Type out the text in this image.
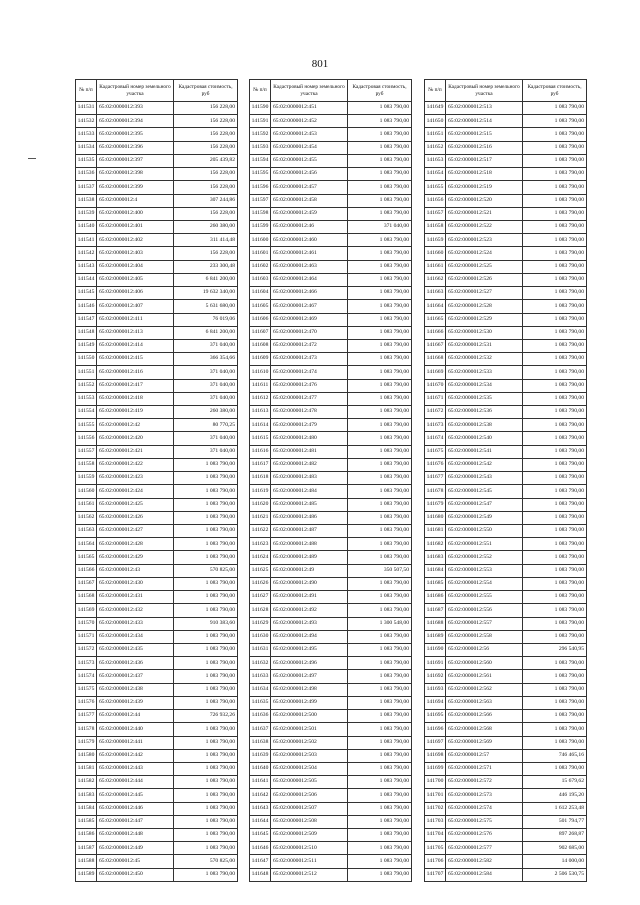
801
№ п/п	Кадастровый номер земельного участка	Кадастровая стоимость, руб
141531	65:02:0000012:393	156 228,00
141532	65:02:0000012:394	156 228,00
141533	65:02:0000012:395	156 228,00
141534	65:02:0000012:396	156 228,00
141535	65:02:0000012:397	205 439,82
141536	65:02:0000012:398	156 228,00
141537	65:02:0000012:399	156 228,00
141538	65:02:0000012:4	307 244,86
141539	65:02:0000012:400	156 228,00
141540	65:02:0000012:401	260 380,00
141541	65:02:0000012:402	311 414,48
141542	65:02:0000012:403	156 228,00
141543	65:02:0000012:404	233 300,48
141544	65:02:0000012:405	6 841 200,00
141545	65:02:0000012:406	19 632 340,00
141546	65:02:0000012:407	5 631 680,00
141547	65:02:0000012:411	76 019,06
141548	65:02:0000012:413	6 841 200,00
141549	65:02:0000012:414	371 040,00
141550	65:02:0000012:415	366 354,66
141551	65:02:0000012:416	371 040,00
141552	65:02:0000012:417	371 040,00
141553	65:02:0000012:418	371 040,00
141554	65:02:0000012:419	260 380,00
141555	65:02:0000012:42	80 770,25
141556	65:02:0000012:420	371 040,00
141557	65:02:0000012:421	371 040,00
141558	65:02:0000012:422	1 083 790,00
141559	65:02:0000012:423	1 083 790,00
141560	65:02:0000012:424	1 083 790,00
141561	65:02:0000012:425	1 083 790,00
141562	65:02:0000012:426	1 083 790,00
141563	65:02:0000012:427	1 083 790,00
141564	65:02:0000012:428	1 083 790,00
141565	65:02:0000012:429	1 083 790,00
141566	65:02:0000012:43	570 825,00
141567	65:02:0000012:430	1 083 790,00
141568	65:02:0000012:431	1 083 790,00
141569	65:02:0000012:432	1 083 790,00
141570	65:02:0000012:433	910 383,60
141571	65:02:0000012:434	1 083 790,00
141572	65:02:0000012:435	1 083 790,00
141573	65:02:0000012:436	1 083 790,00
141574	65:02:0000012:437	1 083 790,00
141575	65:02:0000012:438	1 083 790,00
141576	65:02:0000012:439	1 083 790,00
141577	65:02:0000012:44	726 932,26
141578	65:02:0000012:440	1 083 790,00
141579	65:02:0000012:441	1 083 790,00
141580	65:02:0000012:442	1 083 790,00
141581	65:02:0000012:443	1 083 790,00
141582	65:02:0000012:444	1 083 790,00
141583	65:02:0000012:445	1 083 790,00
141584	65:02:0000012:446	1 083 790,00
141585	65:02:0000012:447	1 083 790,00
141586	65:02:0000012:448	1 083 790,00
141587	65:02:0000012:449	1 083 790,00
141588	65:02:0000012:45	570 825,00
141589	65:02:0000012:450	1 083 790,00
№ п/п	Кадастровый номер земельного участка	Кадастровая стоимость, руб
141590	65:02:0000012:451	1 083 790,00
141591	65:02:0000012:452	1 083 790,00
141592	65:02:0000012:453	1 083 790,00
141593	65:02:0000012:454	1 083 790,00
141594	65:02:0000012:455	1 083 790,00
141595	65:02:0000012:456	1 083 790,00
141596	65:02:0000012:457	1 083 790,00
141597	65:02:0000012:458	1 083 790,00
141598	65:02:0000012:459	1 083 790,00
141599	65:02:0000012:46	371 040,00
141600	65:02:0000012:460	1 083 790,00
141601	65:02:0000012:461	1 083 790,00
141602	65:02:0000012:463	1 083 790,00
141603	65:02:0000012:464	1 083 790,00
141604	65:02:0000012:466	1 083 790,00
141605	65:02:0000012:467	1 083 790,00
141606	65:02:0000012:469	1 083 790,00
141607	65:02:0000012:470	1 083 790,00
141608	65:02:0000012:472	1 083 790,00
141609	65:02:0000012:473	1 083 790,00
141610	65:02:0000012:474	1 083 790,00
141611	65:02:0000012:476	1 083 790,00
141612	65:02:0000012:477	1 083 790,00
141613	65:02:0000012:478	1 083 790,00
141614	65:02:0000012:479	1 083 790,00
141615	65:02:0000012:480	1 083 790,00
141616	65:02:0000012:481	1 083 790,00
141617	65:02:0000012:482	1 083 790,00
141618	65:02:0000012:483	1 083 790,00
141619	65:02:0000012:484	1 083 790,00
141620	65:02:0000012:485	1 083 790,00
141621	65:02:0000012:486	1 083 790,00
141622	65:02:0000012:487	1 083 790,00
141623	65:02:0000012:488	1 083 790,00
141624	65:02:0000012:489	1 083 790,00
141625	65:02:0000012:49	350 507,50
141626	65:02:0000012:490	1 083 790,00
141627	65:02:0000012:491	1 083 790,00
141628	65:02:0000012:492	1 083 790,00
141629	65:02:0000012:493	1 300 548,00
141630	65:02:0000012:494	1 083 790,00
141631	65:02:0000012:495	1 083 790,00
141632	65:02:0000012:496	1 083 790,00
141633	65:02:0000012:497	1 083 790,00
141634	65:02:0000012:498	1 083 790,00
141635	65:02:0000012:499	1 083 790,00
141636	65:02:0000012:500	1 083 790,00
141637	65:02:0000012:501	1 083 790,00
141638	65:02:0000012:502	1 083 790,00
141639	65:02:0000012:503	1 083 790,00
141640	65:02:0000012:504	1 083 790,00
141641	65:02:0000012:505	1 083 790,00
141642	65:02:0000012:506	1 083 790,00
141643	65:02:0000012:507	1 083 790,00
141644	65:02:0000012:508	1 083 790,00
141645	65:02:0000012:509	1 083 790,00
141646	65:02:0000012:510	1 083 790,00
141647	65:02:0000012:511	1 083 790,00
141648	65:02:0000012:512	1 083 790,00
№ п/п	Кадастровый номер земельного участка	Кадастровая стоимость, руб
141649	65:02:0000012:513	1 083 790,00
141650	65:02:0000012:514	1 083 790,00
141651	65:02:0000012:515	1 083 790,00
141652	65:02:0000012:516	1 083 790,00
141653	65:02:0000012:517	1 083 790,00
141654	65:02:0000012:518	1 083 790,00
141655	65:02:0000012:519	1 083 790,00
141656	65:02:0000012:520	1 083 790,00
141657	65:02:0000012:521	1 083 790,00
141658	65:02:0000012:522	1 083 790,00
141659	65:02:0000012:523	1 083 790,00
141660	65:02:0000012:524	1 083 790,00
141661	65:02:0000012:525	1 083 790,00
141662	65:02:0000012:526	1 083 790,00
141663	65:02:0000012:527	1 083 790,00
141664	65:02:0000012:528	1 083 790,00
141665	65:02:0000012:529	1 083 790,00
141666	65:02:0000012:530	1 083 790,00
141667	65:02:0000012:531	1 083 790,00
141668	65:02:0000012:532	1 083 790,00
141669	65:02:0000012:533	1 083 790,00
141670	65:02:0000012:534	1 083 790,00
141671	65:02:0000012:535	1 083 790,00
141672	65:02:0000012:536	1 083 790,00
141673	65:02:0000012:538	1 083 790,00
141674	65:02:0000012:540	1 083 790,00
141675	65:02:0000012:541	1 083 790,00
141676	65:02:0000012:542	1 083 790,00
141677	65:02:0000012:543	1 083 790,00
141678	65:02:0000012:545	1 083 790,00
141679	65:02:0000012:547	1 083 790,00
141680	65:02:0000012:549	1 083 790,00
141681	65:02:0000012:550	1 083 790,00
141682	65:02:0000012:551	1 083 790,00
141683	65:02:0000012:552	1 083 790,00
141684	65:02:0000012:553	1 083 790,00
141685	65:02:0000012:554	1 083 790,00
141686	65:02:0000012:555	1 083 790,00
141687	65:02:0000012:556	1 083 790,00
141688	65:02:0000012:557	1 083 790,00
141689	65:02:0000012:558	1 083 790,00
141690	65:02:0000012:56	296 540,95
141691	65:02:0000012:560	1 083 790,00
141692	65:02:0000012:561	1 083 790,00
141693	65:02:0000012:562	1 083 790,00
141694	65:02:0000012:563	1 083 790,00
141695	65:02:0000012:566	1 083 790,00
141696	65:02:0000012:568	1 083 790,00
141697	65:02:0000012:569	1 083 790,00
141698	65:02:0000012:57	746 465,16
141699	65:02:0000012:571	1 083 790,00
141700	65:02:0000012:572	15 679,62
141701	65:02:0000012:573	446 195,20
141702	65:02:0000012:574	1 612 253,48
141703	65:02:0000012:575	501 794,77
141704	65:02:0000012:576	897 268,87
141705	65:02:0000012:577	902 685,00
141706	65:02:0000012:582	14 000,00
141707	65:02:0000012:584	2 506 530,75
